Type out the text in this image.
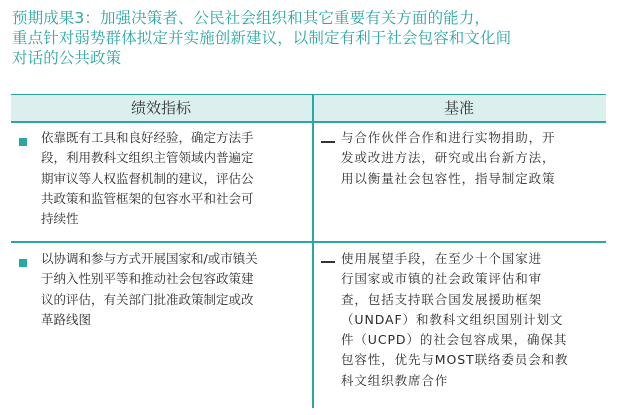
预期成果3：加强决策者、公民社会组织和其它重要有关方面的能力，
重点针对弱势群体拟定并实施创新建议，以制定有利于社会包容和文化间
对话的公共政策
绩效指标	基准
依靠既有工具和良好经验，确定方法手
段，利用教科文组织主管领域内普遍定
期审议等人权监督机制的建议，评估公
共政策和监管框架的包容水平和社会可
持续性
与合作伙伴合作和进行实物捐助，开
发或改进方法，研究或出台新方法，
用以衡量社会包容性，指导制定政策
以协调和参与方式开展国家和/或市镇关
于纳入性别平等和推动社会包容政策建
议的评估，有关部门批准政策制定或改
革路线图
使用展望手段，在至少十个国家进
行国家或市镇的社会政策评估和审
查，包括支持联合国发展援助框架
（UNDAF）和教科文组织国别计划文
件（UCPD）的社会包容成果，确保其
包容性，优先与MOST联络委员会和教
科文组织教席合作
